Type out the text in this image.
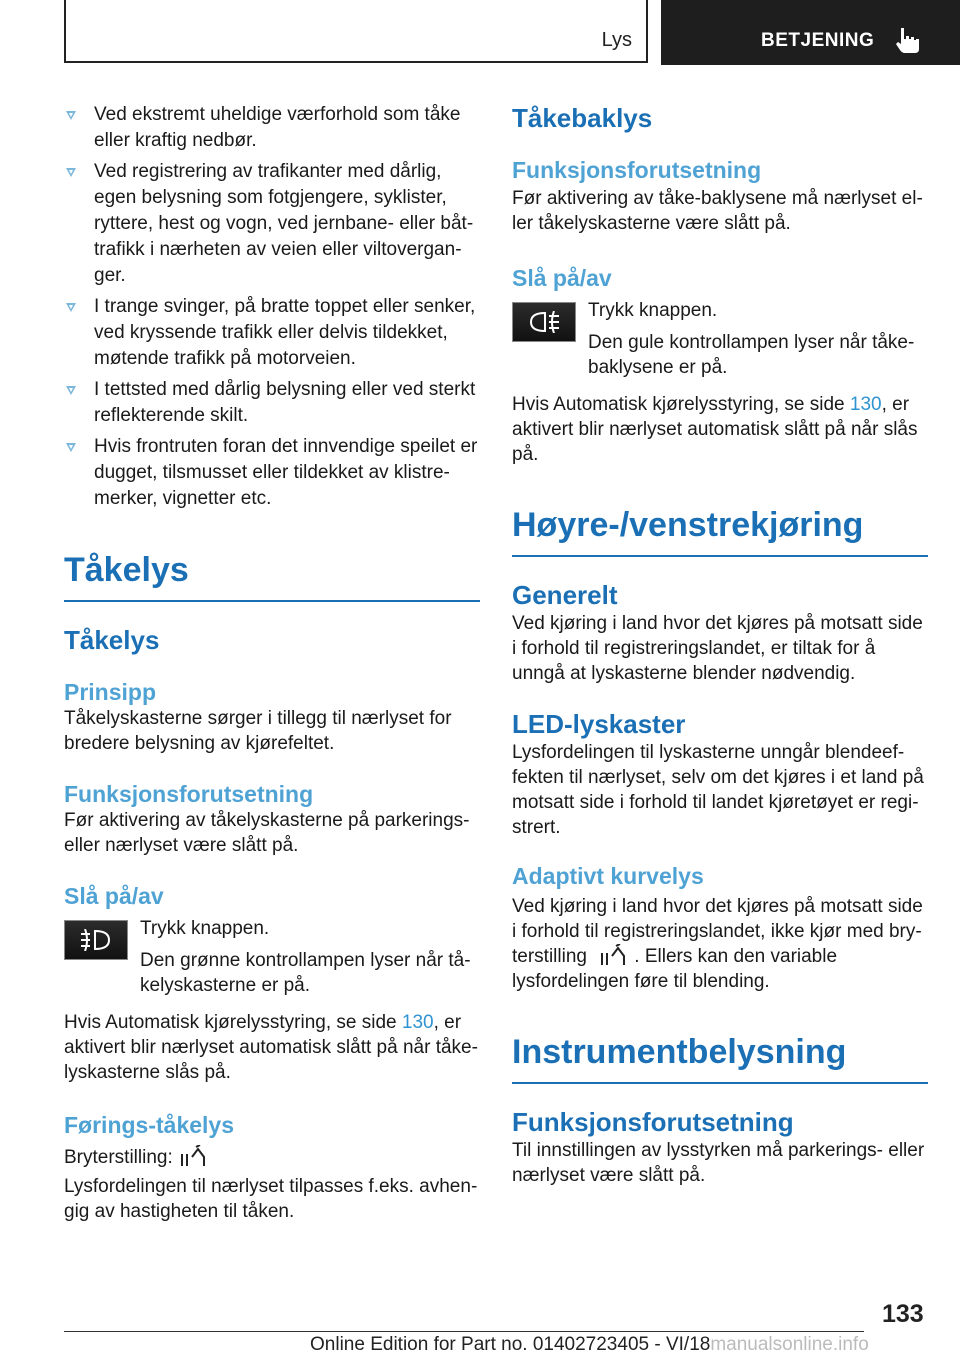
Lys	BETJENING
Ved ekstremt uheldige værforhold som tåke eller kraftig nedbør.
Ved registrering av trafikanter med dårlig, egen belysning som fotgjengere, syklister, ryttere, hest og vogn, ved jernbane- eller båttrafikk i nærheten av veien eller viltoverganger.
I trange svinger, på bratte toppet eller senker, ved kryssende trafikk eller delvis tildekket, møtende trafikk på motorveien.
I tettsted med dårlig belysning eller ved sterkt reflekterende skilt.
Hvis frontruten foran det innvendige speilet er dugget, tilsmusset eller tildekket av klistremerker, vignetter etc.
Tåkelys
Tåkelys
Prinsipp

Tåkelyskasterne sørger i tillegg til nærlyset for bredere belysning av kjørefeltet.

Funksjonsforutsetning

Før aktivering av tåkelyskasterne på parkerings- eller nærlyset være slått på.

Slå på/av

Trykk knappen.

Den grønne kontrollampen lyser når tåkelyskasterne er på.

Hvis Automatisk kjørelysstyring, se side 130, er aktivert blir nærlyset automatisk slått på når tåkelyskasterne slås på.

Førings-tåkelys

Bryterstilling:

Lysfordelingen til nærlyset tilpasses f.eks. avhengig av hastigheten til tåken.

Tåkebaklys
Funksjonsforutsetning

Før aktivering av tåke-baklysene må nærlyset eller tåkelyskasterne være slått på.

Slå på/av

Trykk knappen.

Den gule kontrollampen lyser når tåkebaklysene er på.

Hvis Automatisk kjørelysstyring, se side 130, er aktivert blir nærlyset automatisk slått på når slås på.

Høyre-/venstrekjøring
Generelt

Ved kjøring i land hvor det kjøres på motsatt side i forhold til registreringslandet, er tiltak for å unngå at lyskasterne blender nødvendig.

LED-lyskaster

Lysfordelingen til lyskasterne unngår blendeeffekten til nærlyset, selv om det kjøres i et land på motsatt side i forhold til landet kjøretøyet er registrert.

Adaptivt kurvelys

Ved kjøring i land hvor det kjøres på motsatt side i forhold til registreringslandet, ikke kjør med bryterstilling . Ellers kan den variable lysfordelingen føre til blending.

Instrumentbelysning
Funksjonsforutsetning

Til innstillingen av lysstyrken må parkerings- eller nærlyset være slått på.

133
Online Edition for Part no. 01402723405 - VI/18manualsonline.info
